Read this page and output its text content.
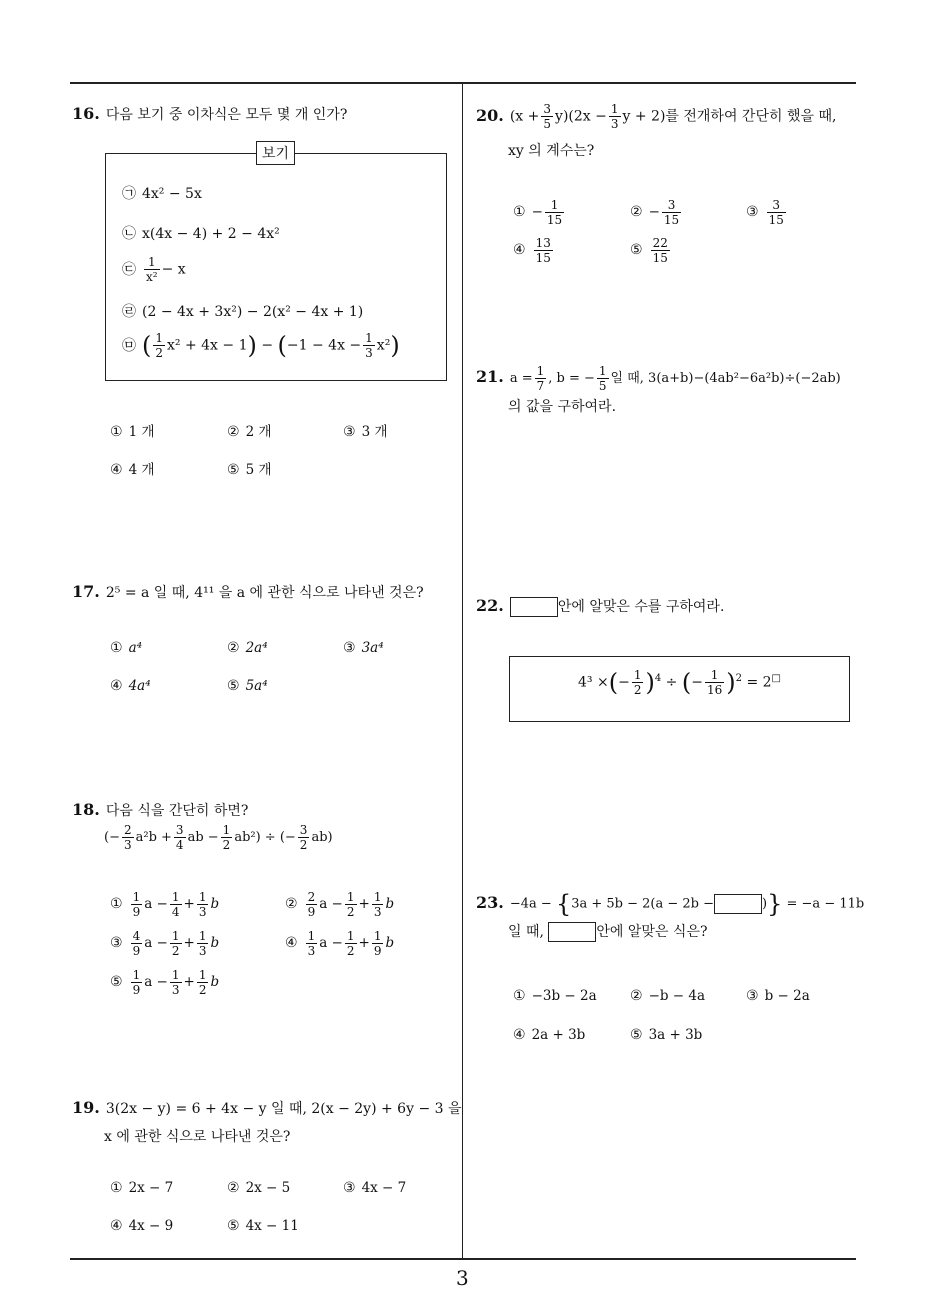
16. 다음 보기 중 이차식은 모두 몇 개 인가?
보기
㉠ 4x² − 5x
㉡ x(4x − 4) + 2 − 4x²
㉢ $\frac{1}{\text{x²}} - x$
㉣ (2 − 4x + 3x²) − 2(x² − 4x + 1)
㉤ ( $\frac{1}{2} x^2 + 4x - 1) - (-1 - 4x - \frac{1}{3} x^2)$
① 1 개	② 2 개	③ 3 개
④ 4 개	⑤ 5 개
17. 2⁵ = a 일 때, 4¹¹ 을 a 에 관한 식으로 나타낸 것은?
① a⁴	② 2a⁴	③ 3a⁴
④ 4a⁴	⑤ 5a⁴
18. 다음 식을 간단히 하면?
(− $\frac{2}{3} a^2b + \frac{3}{4}$ ab − $\frac{1}{2} ab^2$) ÷ (− $\frac{3}{2} ab$)
① $\frac{1}{9}$ $a - \frac{1}{4} + \frac{1}{3}$ b	② $\frac{2}{9}$ $a - \frac{1}{2} + \frac{1}{3}$ b
③ $\frac{4}{9}$ $a - \frac{1}{2} + \frac{1}{3}$ b	④ $\frac{1}{3}$ $a - \frac{1}{2} + \frac{1}{9}$ b
⑤ $\frac{1}{9}$ $a - \frac{1}{3} + \frac{1}{2}$ b
19. 3(2x − y) = 6 + 4x − y 일 때, 2(x − 2y) + 6y − 3 을
x 에 관한 식으로 나타낸 것은?
① 2x − 7	② 2x − 5	③ 4x − 7
④ 4x − 9	⑤ 4x − 11
20. $(x + \frac{3}{5} y)(2x - \frac{1}{3}$ y + 2)를 전개하여 간단히 했을 때,
xy 의 계수는?
① − $\frac{1}{15}$	② − $\frac{3}{15}$	③ $\frac{3}{15}$
④ $\frac{13}{15}$	⑤ $\frac{22}{15}$
21. $a = \frac{1}{7}$ , b = − $\frac{1}{5}$ 일 때, 3(a+b)−(4ab²−6a²b)÷(−2ab)
의 값을 구하여라.
22.	안에 알맞은 수를 구하여라.
4³ ×(− $\frac{1}{2} )^4$ ÷ (− $\frac{1}{16} )^2 = 2^□$
23. −4a − {3a + 5b − 2(a − 2b −	)} = −a − 11b
일 때,	안에 알맞은 식은?
① −3b − 2a ② −b − 4a	③ b − 2a
④ 2a + 3b	⑤ 3a + 3b
3
